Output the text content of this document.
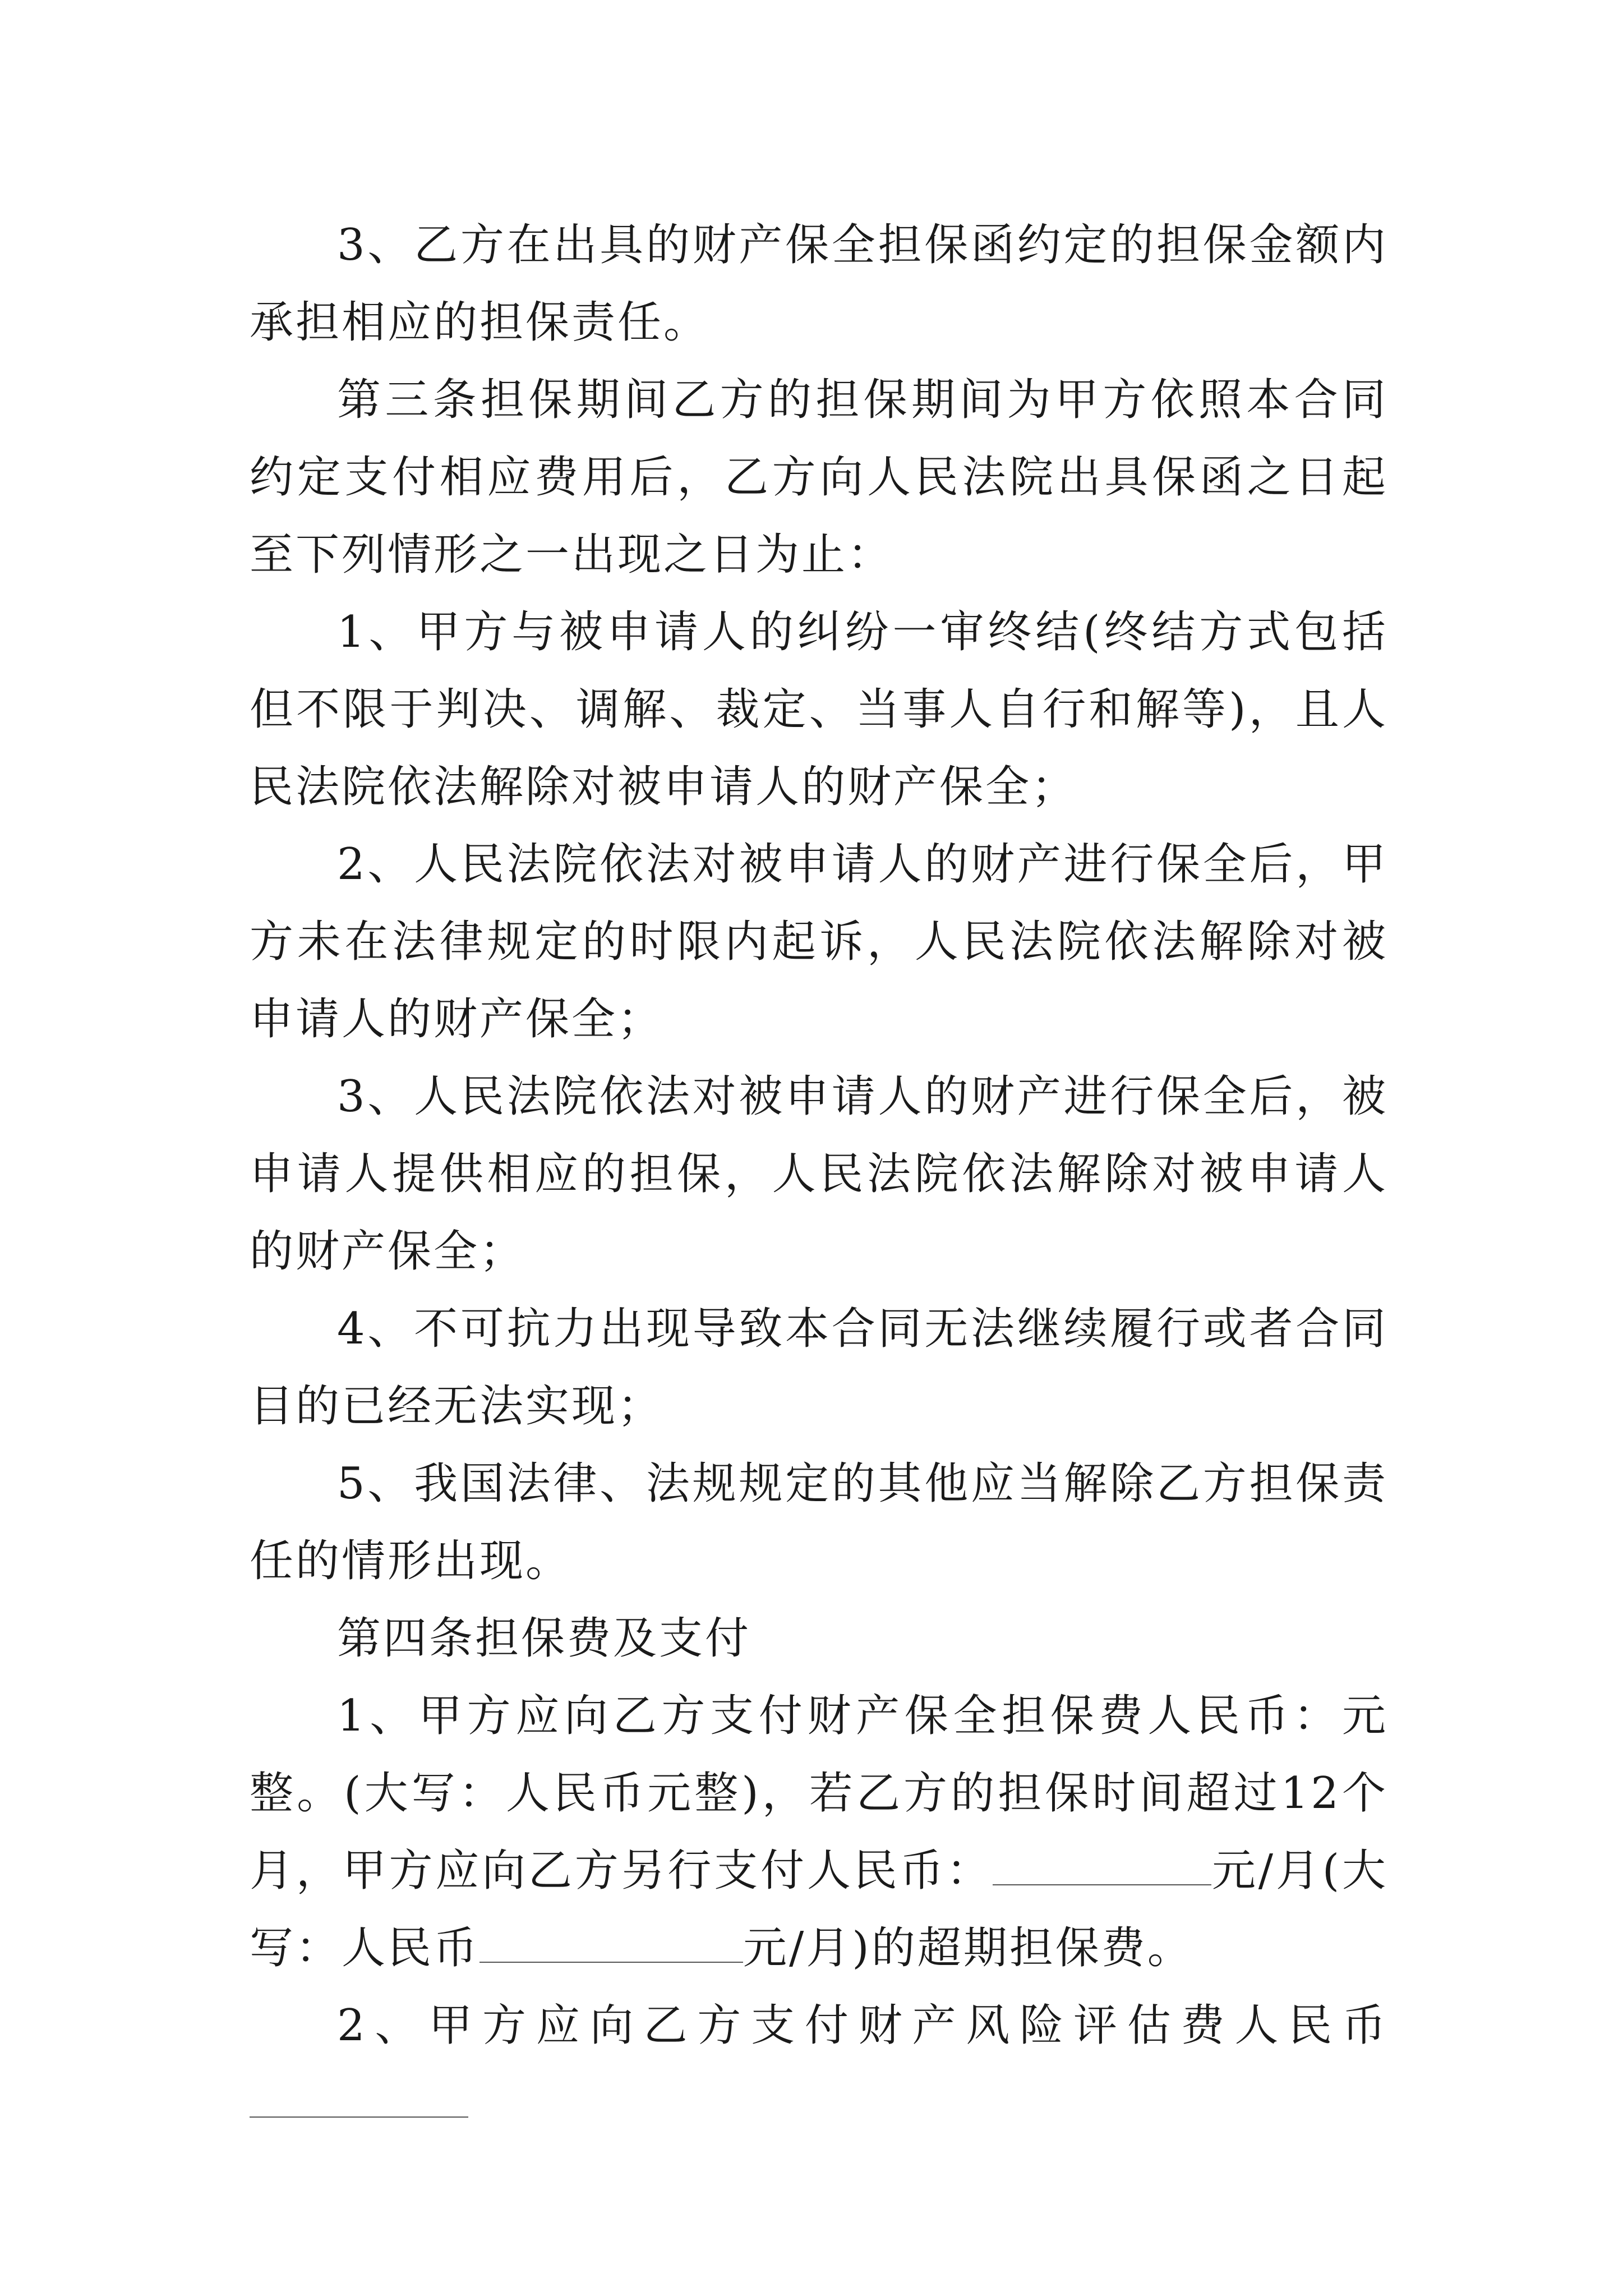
3、乙方在出具的财产保全担保函约定的担保金额内承担相应的担保责任。

第三条担保期间乙方的担保期间为甲方依照本合同约定支付相应费用后，乙方向人民法院出具保函之日起至下列情形之一出现之日为止：

1、甲方与被申请人的纠纷一审终结(终结方式包括但不限于判决、调解、裁定、当事人自行和解等)，且人民法院依法解除对被申请人的财产保全；

2、人民法院依法对被申请人的财产进行保全后，甲方未在法律规定的时限内起诉，人民法院依法解除对被申请人的财产保全；

3、人民法院依法对被申请人的财产进行保全后，被申请人提供相应的担保，人民法院依法解除对被申请人的财产保全；

4、不可抗力出现导致本合同无法继续履行或者合同目的已经无法实现；

5、我国法律、法规规定的其他应当解除乙方担保责任的情形出现。

第四条担保费及支付

1、甲方应向乙方支付财产保全担保费人民币：元整。(大写：人民币元整)，若乙方的担保时间超过12个月，甲方应向乙方另行支付人民币：	元/月(大写：人民币	元/月)的超期担保费。

2、甲方应向乙方支付财产风险评估费人民币
